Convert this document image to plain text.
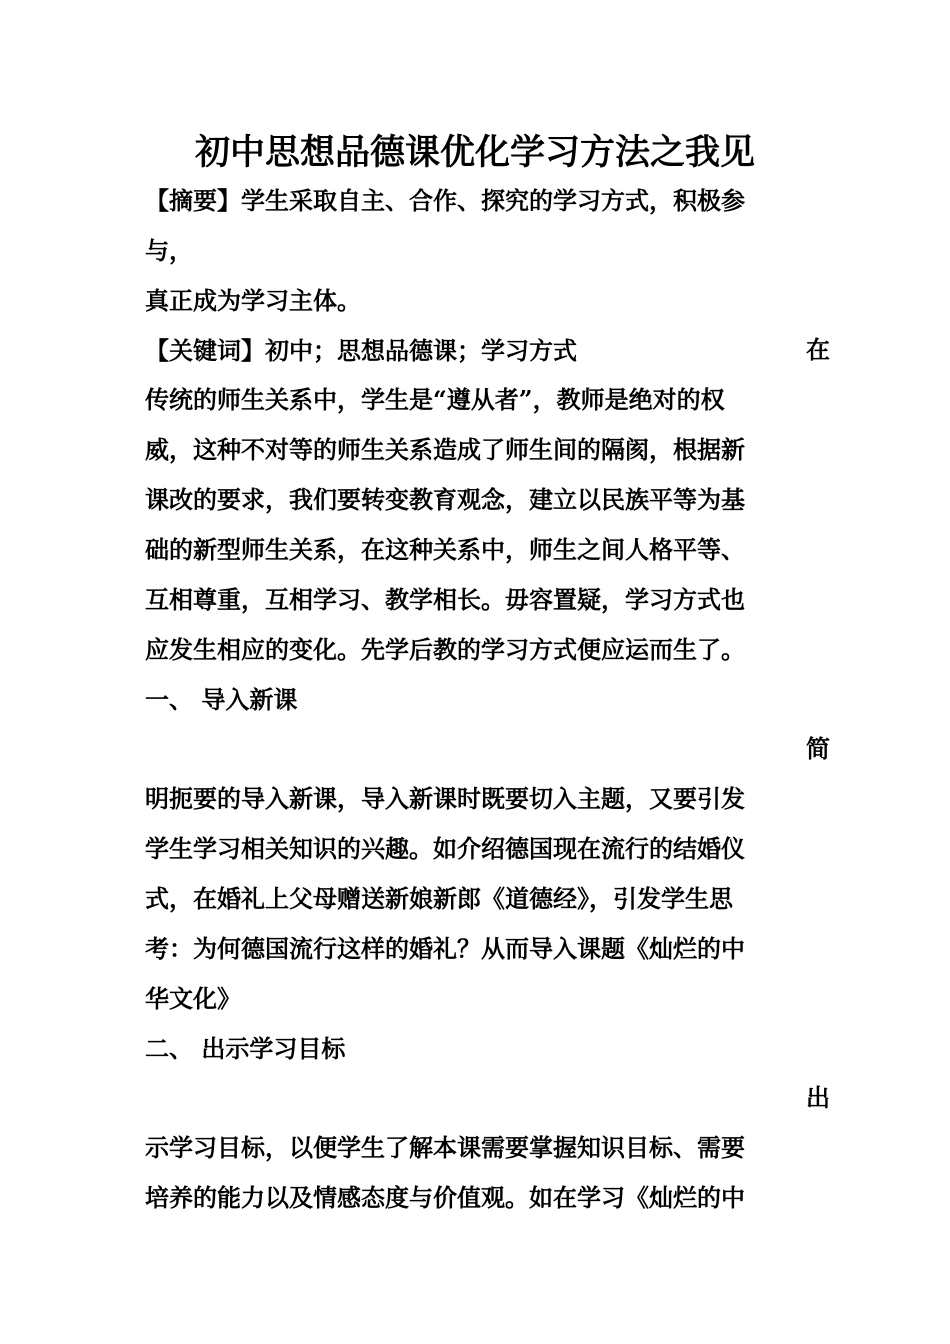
初中思想品德课优化学习方法之我见

【摘要】学生采取自主、合作、探究的学习方式，积极参与，

真正成为学习主体。

【关键词】初中；思想品德课；学习方式	在

传统的师生关系中，学生是“遵从者”，教师是绝对的权

威，这种不对等的师生关系造成了师生间的隔阂，根据新

课改的要求，我们要转变教育观念，建立以民族平等为基

础的新型师生关系，在这种关系中，师生之间人格平等、

互相尊重，互相学习、教学相长。毋容置疑，学习方式也

应发生相应的变化。先学后教的学习方式便应运而生了。

一、 导入新课

简

明扼要的导入新课，导入新课时既要切入主题，又要引发

学生学习相关知识的兴趣。如介绍德国现在流行的结婚仪

式，在婚礼上父母赠送新娘新郎《道德经》，引发学生思

考：为何德国流行这样的婚礼？从而导入课题《灿烂的中

华文化》

二、 出示学习目标

出

示学习目标，以便学生了解本课需要掌握知识目标、需要

培养的能力以及情感态度与价值观。如在学习《灿烂的中
